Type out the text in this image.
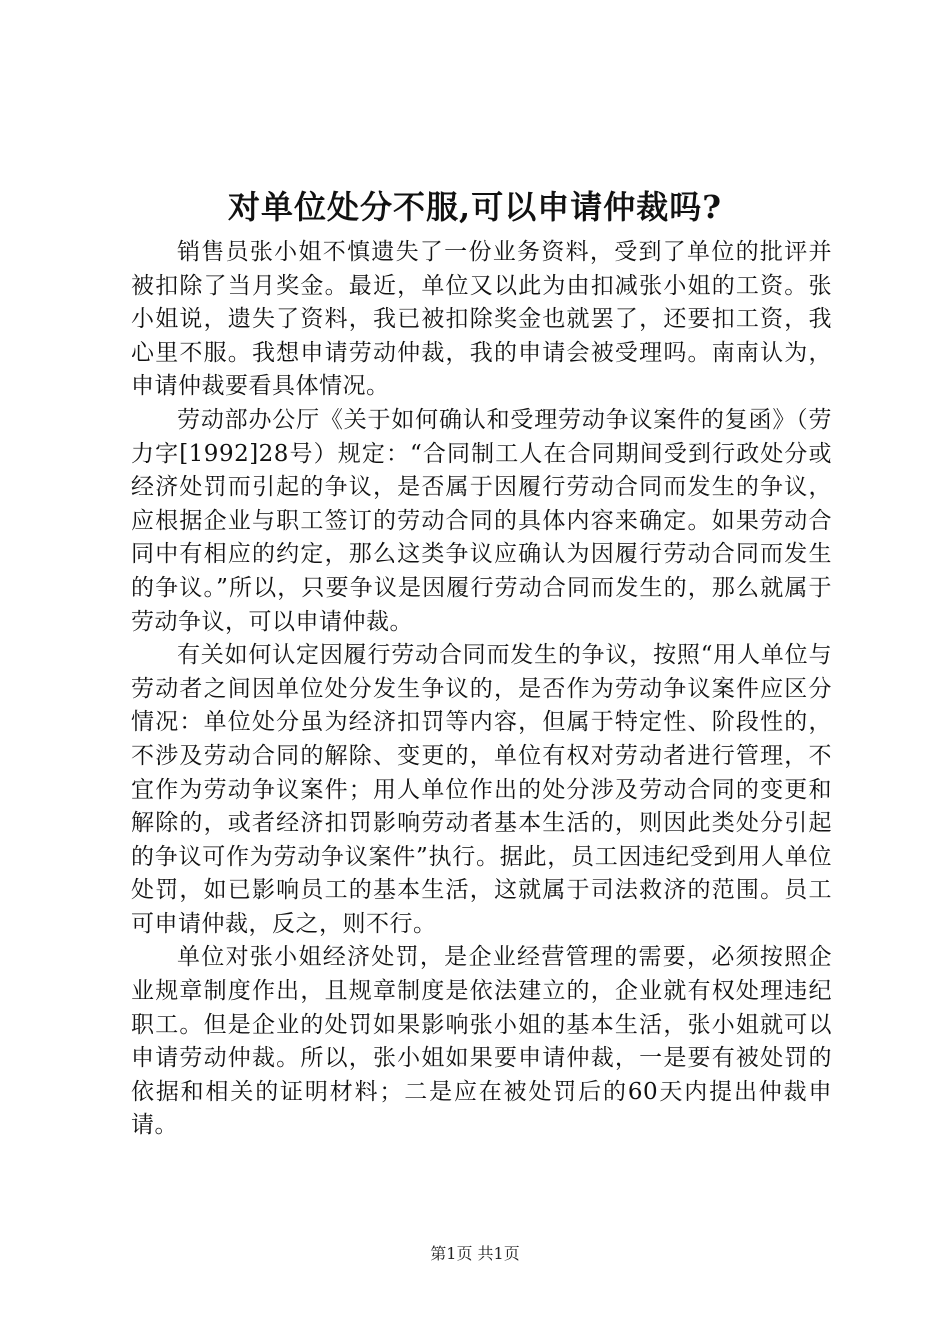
对单位处分不服,可以申请仲裁吗?

销售员张小姐不慎遗失了一份业务资料，受到了单位的批评并被扣除了当月奖金。最近，单位又以此为由扣减张小姐的工资。张小姐说，遗失了资料，我已被扣除奖金也就罢了，还要扣工资，我心里不服。我想申请劳动仲裁，我的申请会被受理吗。南南认为，申请仲裁要看具体情况。

劳动部办公厅《关于如何确认和受理劳动争议案件的复函》（劳力字[1992]28号）规定：“合同制工人在合同期间受到行政处分或经济处罚而引起的争议，是否属于因履行劳动合同而发生的争议，应根据企业与职工签订的劳动合同的具体内容来确定。如果劳动合同中有相应的约定，那么这类争议应确认为因履行劳动合同而发生的争议。”所以，只要争议是因履行劳动合同而发生的，那么就属于劳动争议，可以申请仲裁。

有关如何认定因履行劳动合同而发生的争议，按照“用人单位与劳动者之间因单位处分发生争议的，是否作为劳动争议案件应区分情况：单位处分虽为经济扣罚等内容，但属于特定性、阶段性的，不涉及劳动合同的解除、变更的，单位有权对劳动者进行管理，不宜作为劳动争议案件；用人单位作出的处分涉及劳动合同的变更和解除的，或者经济扣罚影响劳动者基本生活的，则因此类处分引起的争议可作为劳动争议案件”执行。据此，员工因违纪受到用人单位处罚，如已影响员工的基本生活，这就属于司法救济的范围。员工可申请仲裁，反之，则不行。

单位对张小姐经济处罚，是企业经营管理的需要，必须按照企业规章制度作出，且规章制度是依法建立的，企业就有权处理违纪职工。但是企业的处罚如果影响张小姐的基本生活，张小姐就可以申请劳动仲裁。所以，张小姐如果要申请仲裁，一是要有被处罚的依据和相关的证明材料；二是应在被处罚后的60天内提出仲裁申请。

第1页 共1页
